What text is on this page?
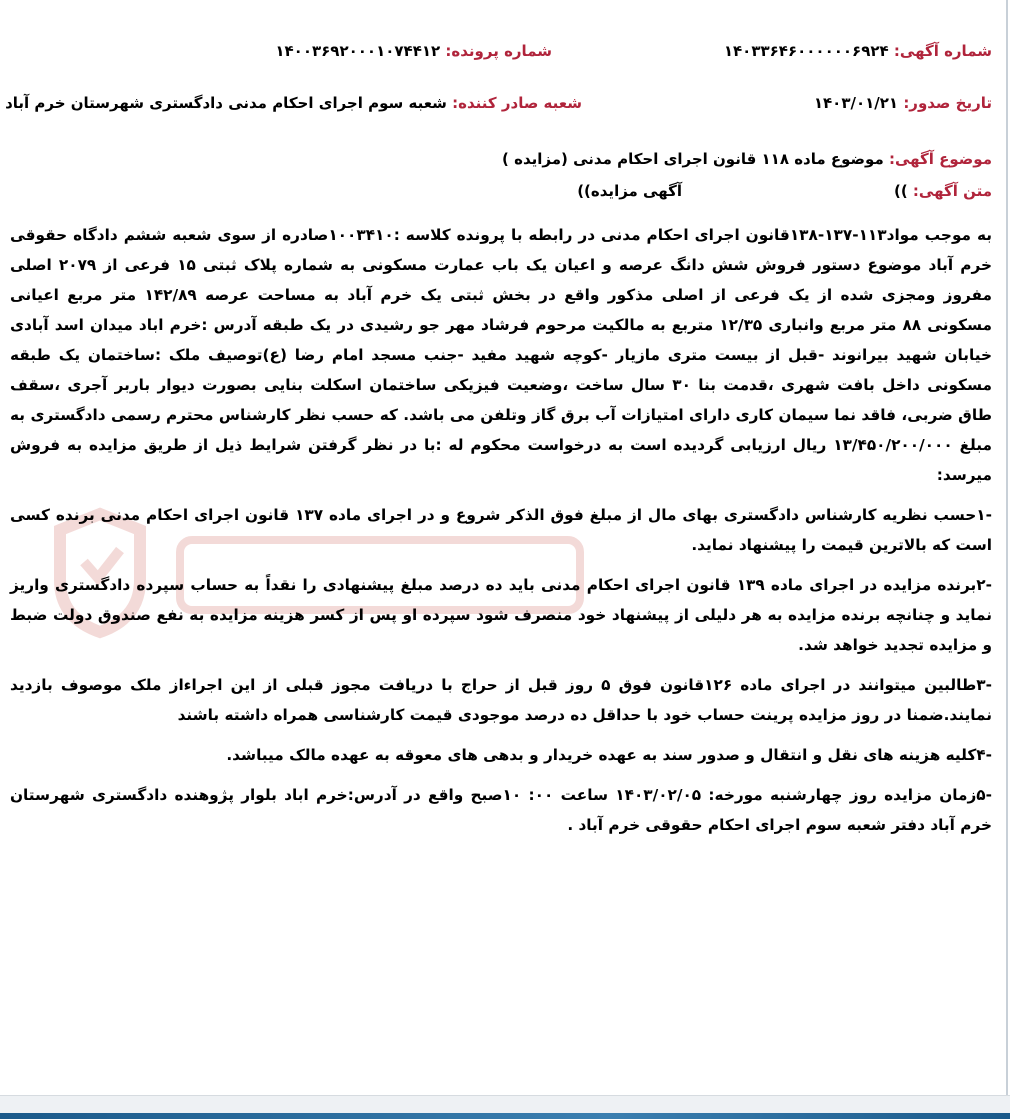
شماره آگهی: ۱۴۰۳۳۶۴۶۰۰۰۰۰۰۶۹۲۴
شماره پرونده: ۱۴۰۰۳۶۹۲۰۰۰۱۰۷۴۴۱۲
تاریخ صدور: ۱۴۰۳/۰۱/۲۱
شعبه صادر کننده: شعبه سوم اجرای احکام مدنی دادگستری شهرستان خرم آباد
موضوع آگهی: موضوع ماده ۱۱۸ قانون اجرای احکام مدنی (مزایده )
متن آگهی: ))
آگهی مزایده))

به موجب مواد۱۱۳-۱۳۷-۱۳۸قانون اجرای احکام مدنی در رابطه با پرونده کلاسه :۱۰۰۳۴۱۰صادره از سوی شعبه ششم دادگاه حقوقی خرم آباد موضوع دستور فروش شش دانگ عرصه و اعیان یک باب عمارت مسکونی به شماره پلاک ثبتی ۱۵ فرعی از ۲۰۷۹ اصلی مفروز ومجزی شده از یک فرعی از اصلی مذکور واقع در بخش ثبتی یک خرم آباد به مساحت عرصه ۱۴۲/۸۹ متر مربع اعیانی مسکونی ۸۸ متر مربع وانباری ۱۲/۳۵ متربع به مالکیت مرحوم فرشاد مهر جو رشیدی در یک طبقه آدرس :خرم اباد میدان اسد آبادی خیابان شهید بیرانوند -قبل از بیست متری مازیار -کوچه شهید مفید -جنب مسجد امام رضا (ع)توصیف ملک :ساختمان یک طبقه مسکونی داخل بافت شهری ،قدمت بنا ۳۰ سال ساخت ،وضعیت فیزیکی ساختمان اسکلت بنایی بصورت دیوار باربر آجری ،سقف طاق ضربی، فاقد نما سیمان کاری دارای امتیازات آب برق گاز وتلفن می باشد. که حسب نظر کارشناس محترم رسمی دادگستری به مبلغ ۱۳/۴۵۰/۲۰۰/۰۰۰ ریال ارزیابی گردیده است به درخواست محکوم له :با در نظر گرفتن شرایط ذیل از طریق مزایده به فروش میرسد:

-۱حسب نظریه کارشناس دادگستری بهای مال از مبلغ فوق الذکر شروع و در اجرای ماده ۱۳۷ قانون اجرای احکام مدنی برنده کسی است که بالاترین قیمت را پیشنهاد نماید.

-۲برنده مزایده در اجرای ماده ۱۳۹ قانون اجرای احکام مدنی باید ده درصد مبلغ پیشنهادی را نقداً به حساب سپرده دادگستری واریز نماید و چنانچه برنده مزایده به هر دلیلی از پیشنهاد خود منصرف شود سپرده او پس از کسر هزینه مزایده به نفع صندوق دولت ضبط و مزایده تجدید خواهد شد.

-۳طالبین میتوانند در اجرای ماده ۱۲۶قانون فوق ۵ روز قبل از حراج با دریافت مجوز قبلی از این اجراءاز ملک موصوف بازدید نمایند.ضمنا در روز مزایده پرینت حساب خود با حداقل ده درصد موجودی قیمت کارشناسی همراه داشته باشند

-۴کلیه هزینه های نقل و انتقال و صدور سند به عهده خریدار و بدهی های معوقه به عهده مالک میباشد.

-۵زمان مزایده روز چهارشنبه مورخه: ۱۴۰۳/۰۲/۰۵ ساعت ۰۰: ۱۰صبح واقع در آدرس:خرم اباد بلوار پژوهنده دادگستری شهرستان خرم آباد دفتر شعبه سوم اجرای احکام حقوقی خرم آباد .
